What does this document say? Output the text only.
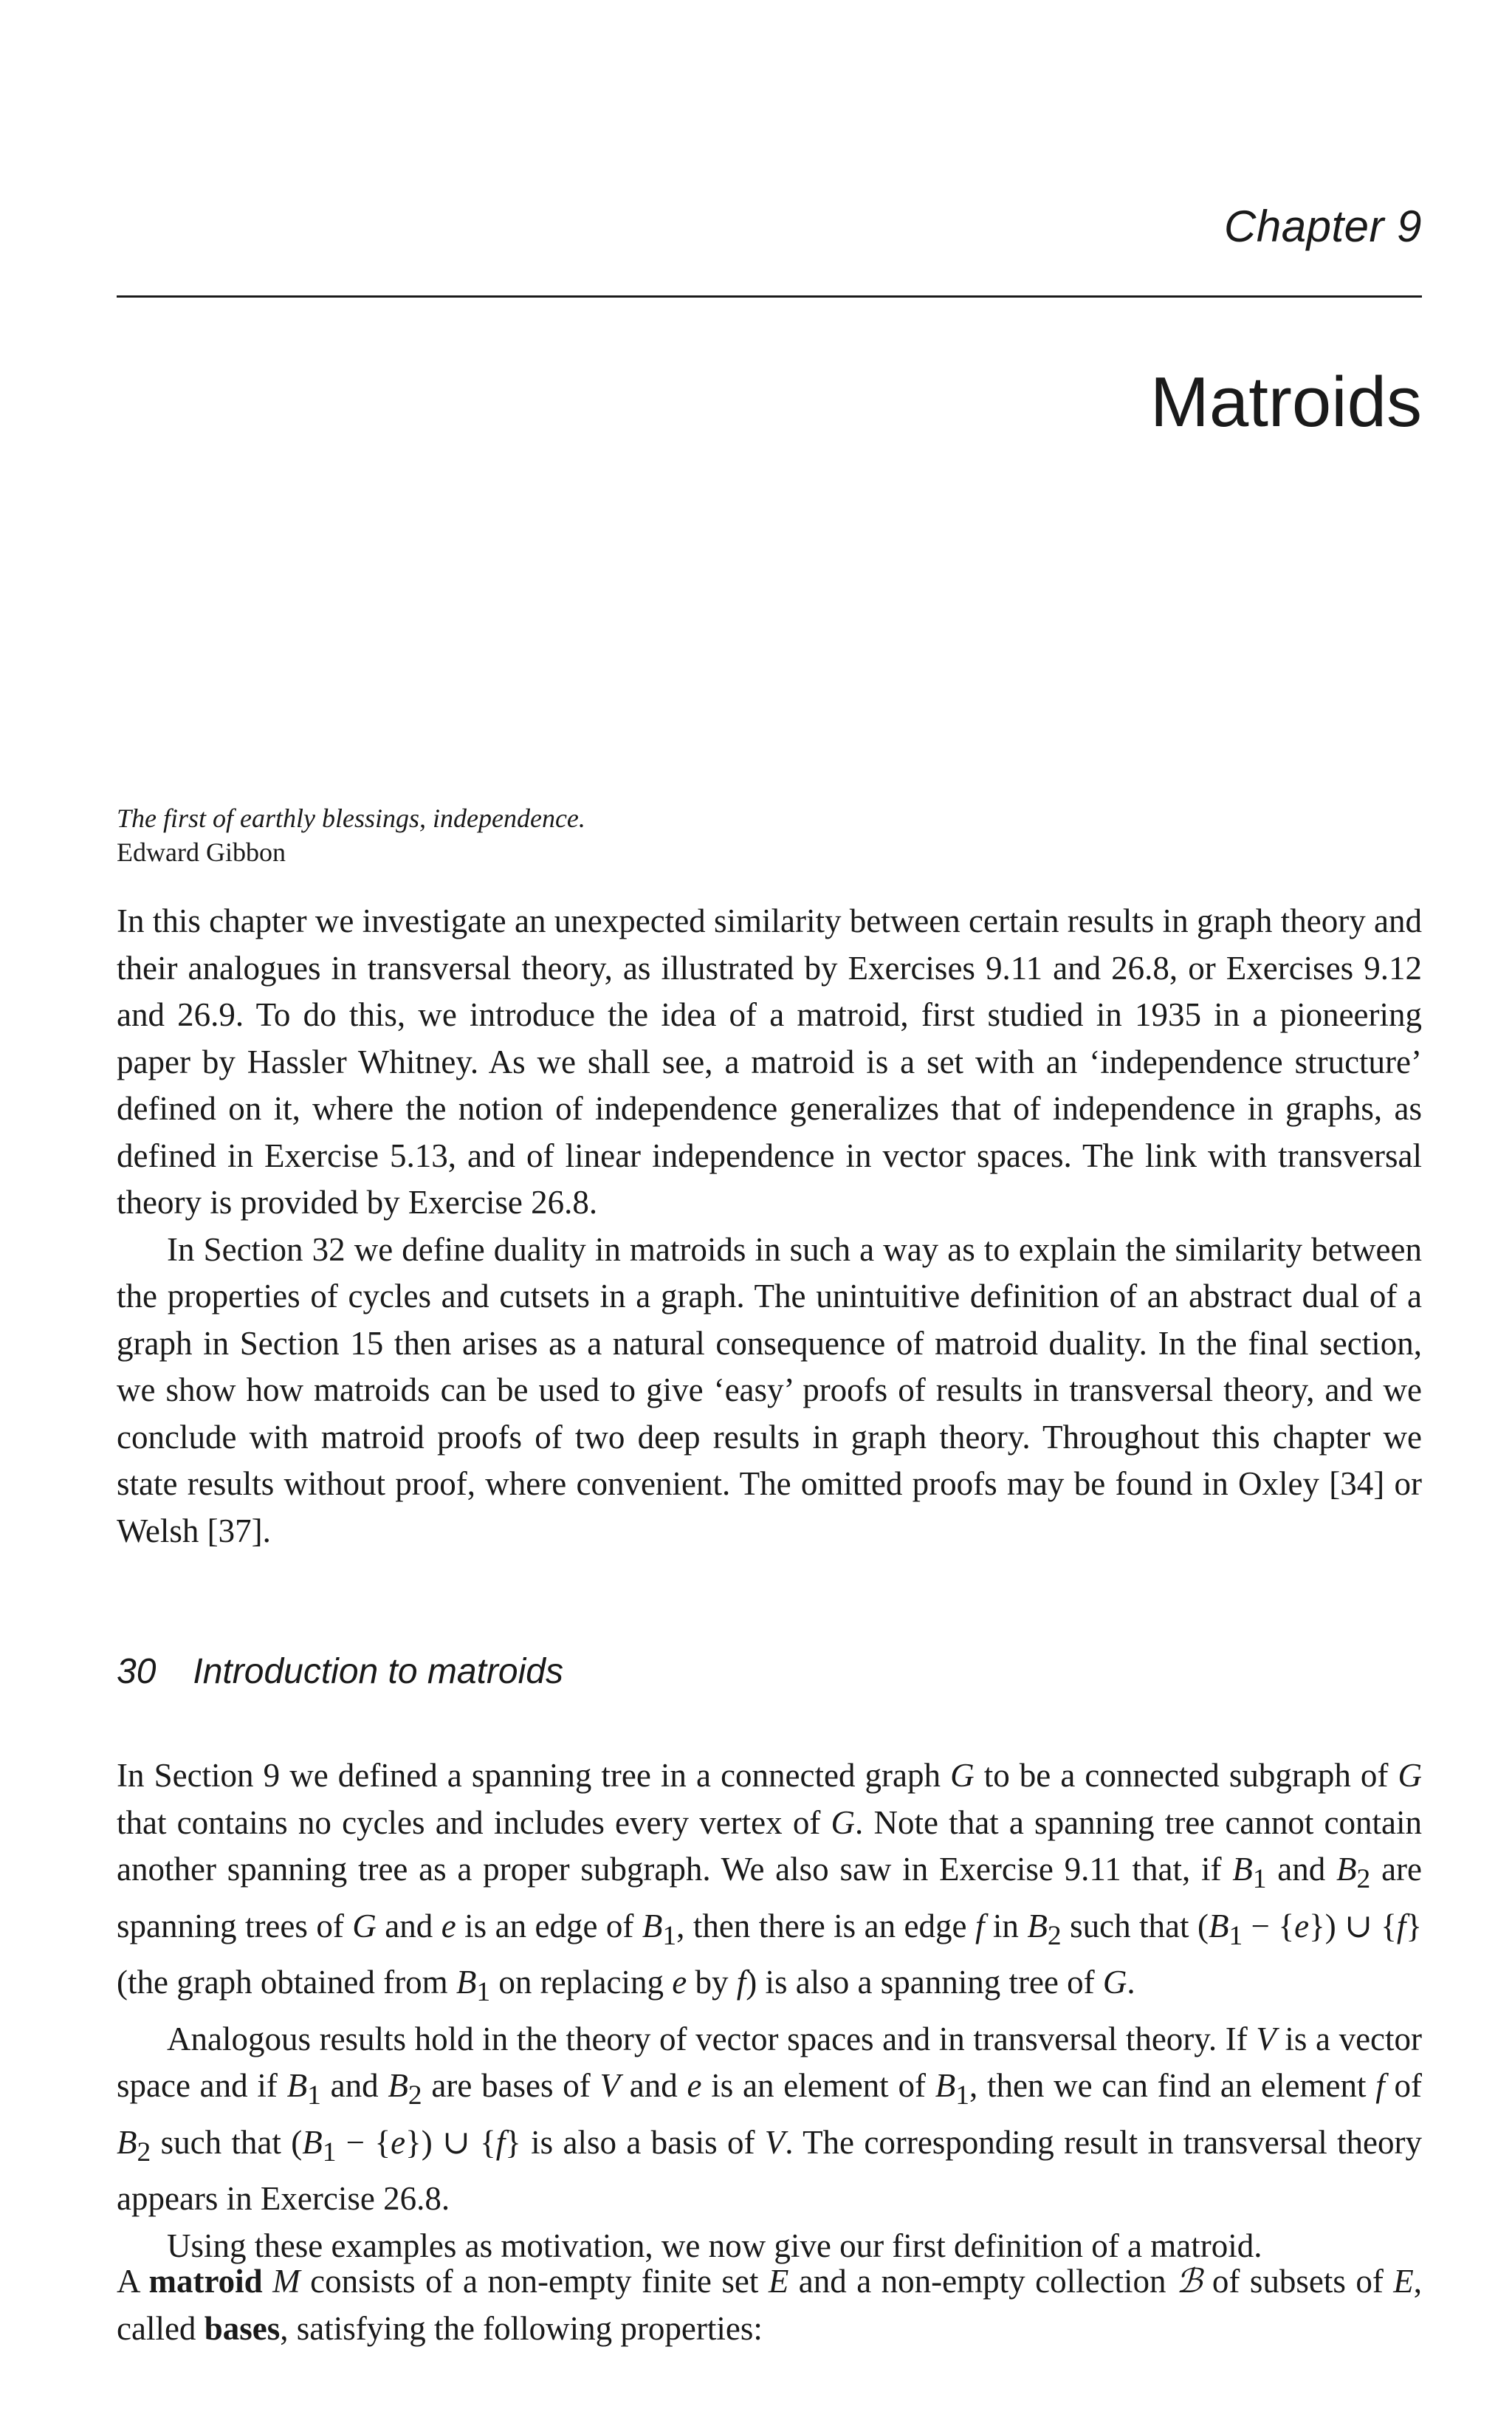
Chapter 9
Matroids
The first of earthly blessings, independence.
Edward Gibbon

In this chapter we investigate an unexpected similarity between certain results in graph theory and their analogues in transversal theory, as illustrated by Exercises 9.11 and 26.8, or Exercises 9.12 and 26.9. To do this, we introduce the idea of a matroid, first studied in 1935 in a pioneering paper by Hassler Whitney. As we shall see, a matroid is a set with an ‘independence structure’ defined on it, where the notion of independence generalizes that of independence in graphs, as defined in Exercise 5.13, and of linear independence in vector spaces. The link with transversal theory is provided by Exercise 26.8.

In Section 32 we define duality in matroids in such a way as to explain the similarity between the properties of cycles and cutsets in a graph. The unintuitive definition of an abstract dual of a graph in Section 15 then arises as a natural consequence of matroid duality. In the final section, we show how matroids can be used to give ‘easy’ proofs of results in transversal theory, and we conclude with matroid proofs of two deep results in graph theory. Throughout this chapter we state results without proof, where convenient. The omitted proofs may be found in Oxley [34] or Welsh [37].

30 Introduction to matroids

In Section 9 we defined a spanning tree in a connected graph G to be a connected subgraph of G that contains no cycles and includes every vertex of G. Note that a spanning tree cannot contain another spanning tree as a proper subgraph. We also saw in Exercise 9.11 that, if $B_1$ and $B_2$ are spanning trees of G and e is an edge of $B_1$, then there is an edge f in $B_2$ such that $(B_1 - \{e\})$ ∪ {f} (the graph obtained from $B_1$ on replacing e by f) is also a spanning tree of G.

Analogous results hold in the theory of vector spaces and in transversal theory. If V is a vector space and if $B_1$ and $B_2$ are bases of V and e is an element of $B_1$, then we can find an element f of $B_2$ such that $(B_1 - \{e\})$ ∪ {f} is also a basis of V. The corresponding result in transversal theory appears in Exercise 26.8.

Using these examples as motivation, we now give our first definition of a matroid.

A matroid M consists of a non-empty finite set E and a non-empty collection ℬ of subsets of E, called bases, satisfying the following properties:
